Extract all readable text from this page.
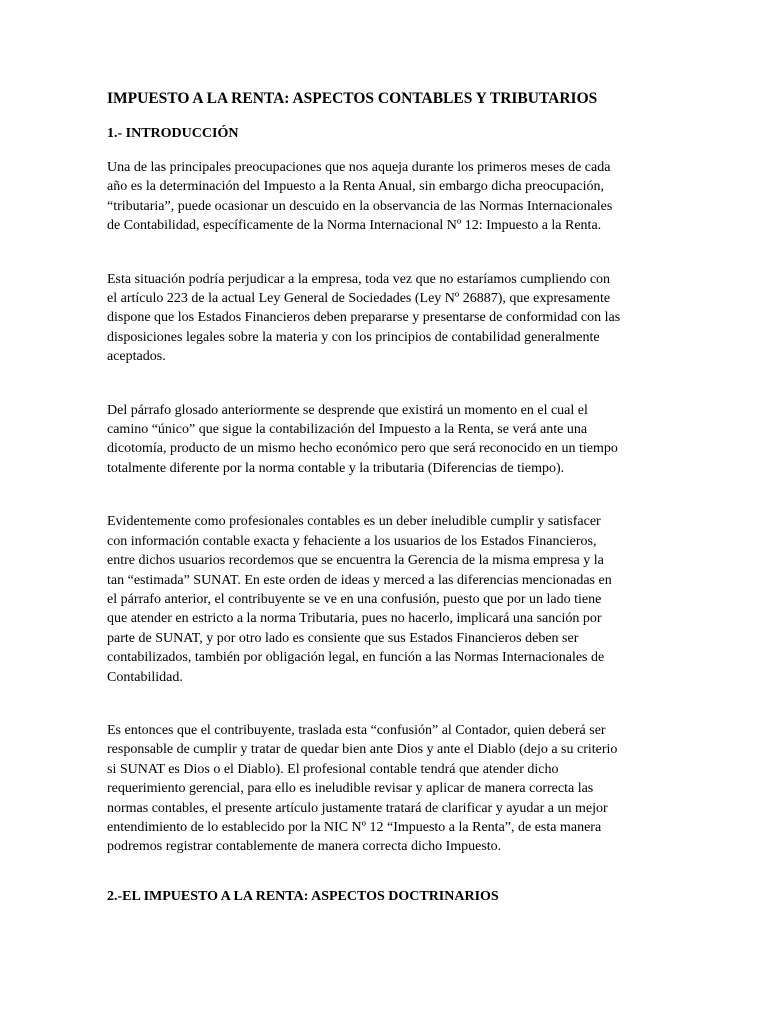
IMPUESTO A LA RENTA: ASPECTOS CONTABLES Y TRIBUTARIOS
1.- INTRODUCCIÓN

Una de las principales preocupaciones que nos aqueja durante los primeros meses de cada
año es la determinación del Impuesto a la Renta Anual, sin embargo dicha preocupación,
“tributaria”, puede ocasionar un descuido en la observancia de las Normas Internacionales
de Contabilidad, específicamente de la Norma Internacional Nº 12: Impuesto a la Renta.

Esta situación podría perjudicar a la empresa, toda vez que no estaríamos cumpliendo con
el artículo 223 de la actual Ley General de Sociedades (Ley Nº 26887), que expresamente
dispone que los Estados Financieros deben prepararse y presentarse de conformidad con las
disposiciones legales sobre la materia y con los principios de contabilidad generalmente
aceptados.

Del párrafo glosado anteriormente se desprende que existirá un momento en el cual el
camino “único” que sigue la contabilización del Impuesto a la Renta, se verá ante una
dicotomía, producto de un mismo hecho económico pero que será reconocido en un tiempo
totalmente diferente por la norma contable y la tributaria (Diferencias de tiempo).

Evidentemente como profesionales contables es un deber ineludible cumplir y satisfacer
con información contable exacta y fehaciente a los usuarios de los Estados Financieros,
entre dichos usuarios recordemos que se encuentra la Gerencia de la misma empresa y la
tan “estimada” SUNAT. En este orden de ideas y merced a las diferencias mencionadas en
el párrafo anterior, el contribuyente se ve en una confusión, puesto que por un lado tiene
que atender en estricto a la norma Tributaria, pues no hacerlo, implicará una sanción por
parte de SUNAT, y por otro lado es consiente que sus Estados Financieros deben ser
contabilizados, también por obligación legal, en función a las Normas Internacionales de
Contabilidad.

Es entonces que el contribuyente, traslada esta “confusión” al Contador, quien deberá ser
responsable de cumplir y tratar de quedar bien ante Dios y ante el Diablo (dejo a su criterio
si SUNAT es Dios o el Diablo). El profesional contable tendrá que atender dicho
requerimiento gerencial, para ello es ineludible revisar y aplicar de manera correcta las
normas contables, el presente artículo justamente tratará de clarificar y ayudar a un mejor
entendimiento de lo establecido por la NIC Nº 12 “Impuesto a la Renta”, de esta manera
podremos registrar contablemente de manera correcta dicho Impuesto.

2.-EL IMPUESTO A LA RENTA: ASPECTOS DOCTRINARIOS
